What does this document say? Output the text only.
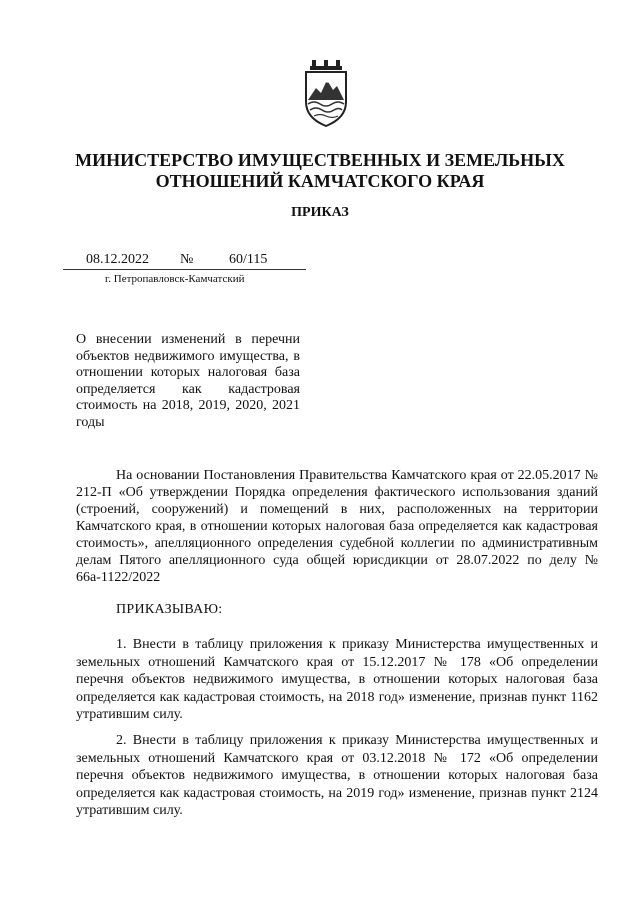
МИНИСТЕРСТВО ИМУЩЕСТВЕННЫХ И ЗЕМЕЛЬНЫХ ОТНОШЕНИЙ КАМЧАТСКОГО КРАЯ
ПРИКАЗ
08.12.2022 №	60/115
г. Петропавловск-Камчатский
О внесении изменений в перечни объектов недвижимого имущества, в отношении которых налоговая база определяется как кадастровая стоимость на 2018, 2019, 2020, 2021 годы
На основании Постановления Правительства Камчатского края от 22.05.2017 № 212-П «Об утверждении Порядка определения фактического использования зданий (строений, сооружений) и помещений в них, расположенных на территории Камчатского края, в отношении которых налоговая база определяется как кадастровая стоимость», апелляционного определения судебной коллегии по административным делам Пятого апелляционного суда общей юрисдикции от 28.07.2022 по делу № 66а-1122/2022
ПРИКАЗЫВАЮ:
1. Внести в таблицу приложения к приказу Министерства имущественных и земельных отношений Камчатского края от 15.12.2017 № 178 «Об определении перечня объектов недвижимого имущества, в отношении которых налоговая база определяется как кадастровая стоимость, на 2018 год» изменение, признав пункт 1162 утратившим силу.
2. Внести в таблицу приложения к приказу Министерства имущественных и земельных отношений Камчатского края от 03.12.2018 № 172 «Об определении перечня объектов недвижимого имущества, в отношении которых налоговая база определяется как кадастровая стоимость, на 2019 год» изменение, признав пункт 2124 утратившим силу.
